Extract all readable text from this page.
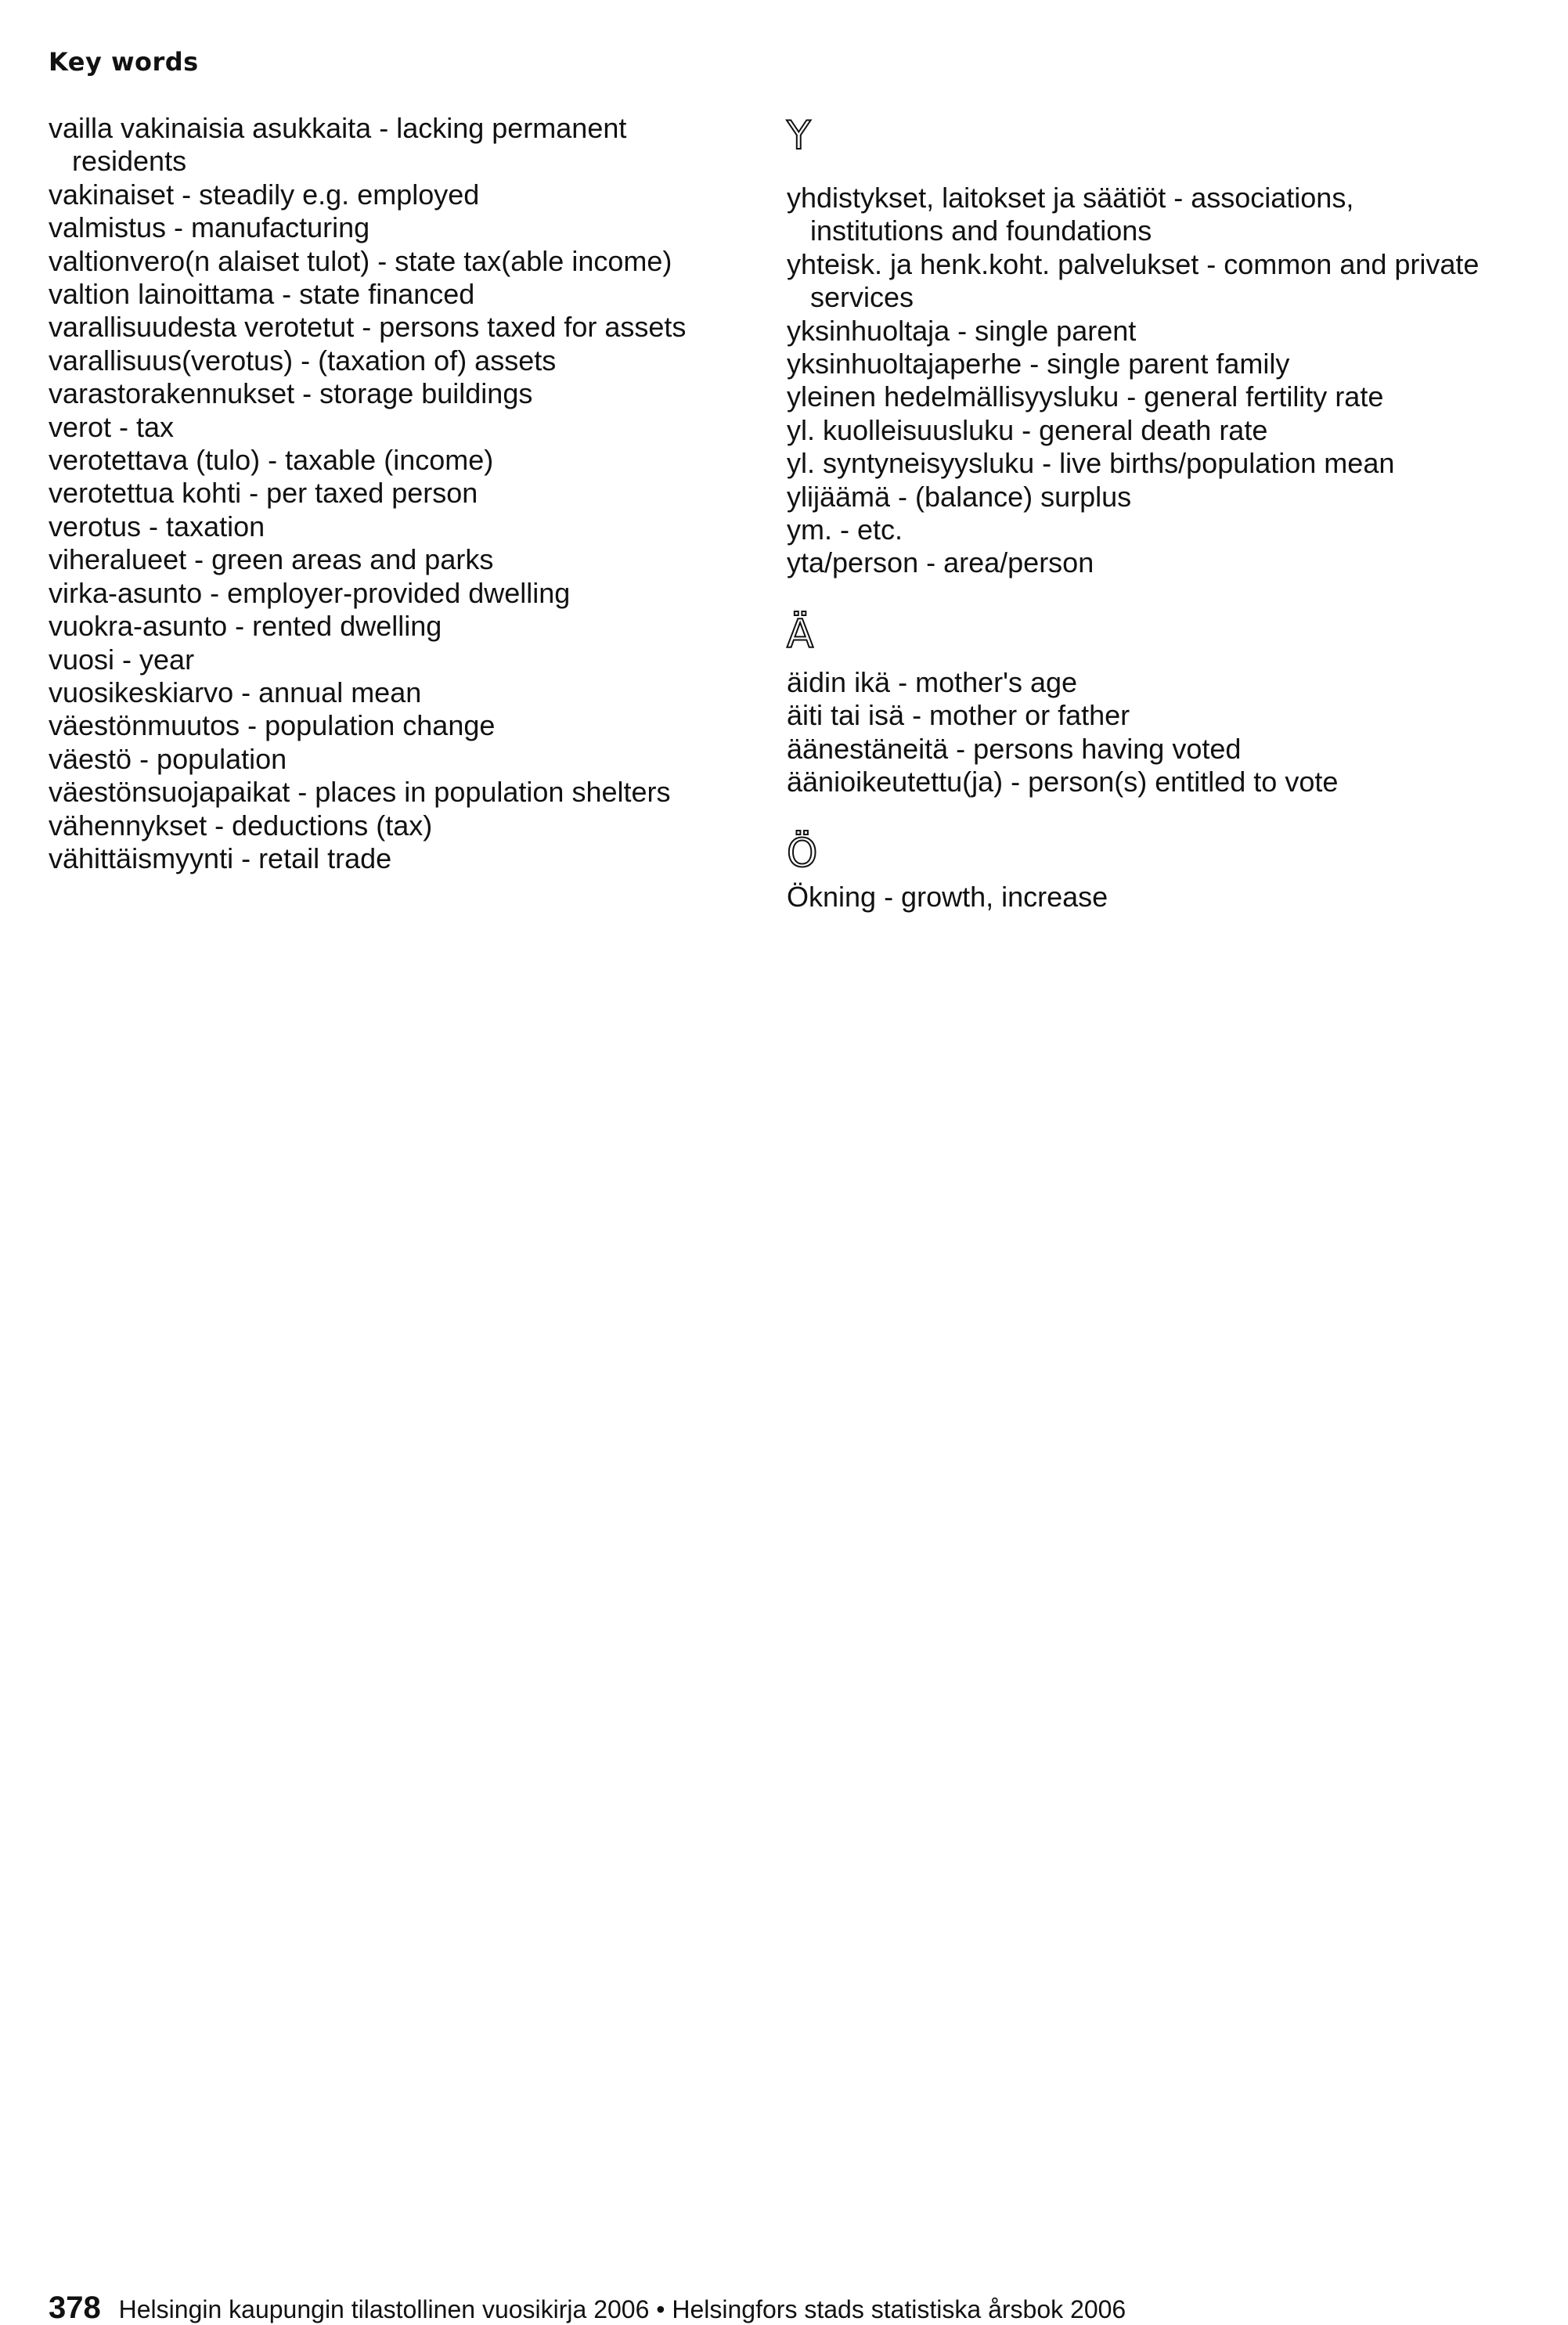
Key words
vailla vakinaisia asukkaita - lacking permanent residents
vakinaiset - steadily e.g. employed
valmistus - manufacturing
valtionvero(n alaiset tulot) - state tax(able income)
valtion lainoittama - state financed
varallisuudesta verotetut - persons taxed for assets
varallisuus(verotus) - (taxation of) assets
varastorakennukset - storage buildings
verot - tax
verotettava (tulo) - taxable (income)
verotettua kohti - per taxed person
verotus - taxation
viheralueet - green areas and parks
virka-asunto - employer-provided dwelling
vuokra-asunto - rented dwelling
vuosi - year
vuosikeskiarvo - annual mean
väestönmuutos - population change
väestö - population
väestönsuojapaikat - places in population shelters
vähennykset - deductions (tax)
vähittäismyynti - retail trade
Y
yhdistykset, laitokset ja säätiöt - associations, institutions and foundations
yhteisk. ja henk.koht. palvelukset - common and private services
yksinhuoltaja - single parent
yksinhuoltajaperhe - single parent family
yleinen hedelmällisyysluku - general fertility rate
yl. kuolleisuusluku - general death rate
yl. syntyneisyysluku - live births/population mean
ylijäämä - (balance) surplus
ym. - etc.
yta/person - area/person
Ä
äidin ikä - mother's age
äiti tai isä - mother or father
äänestäneitä - persons having voted
äänioikeutettu(ja) - person(s) entitled to vote
Ö
Ökning - growth, increase
378 Helsingin kaupungin tilastollinen vuosikirja 2006 • Helsingfors stads statistiska årsbok 2006
